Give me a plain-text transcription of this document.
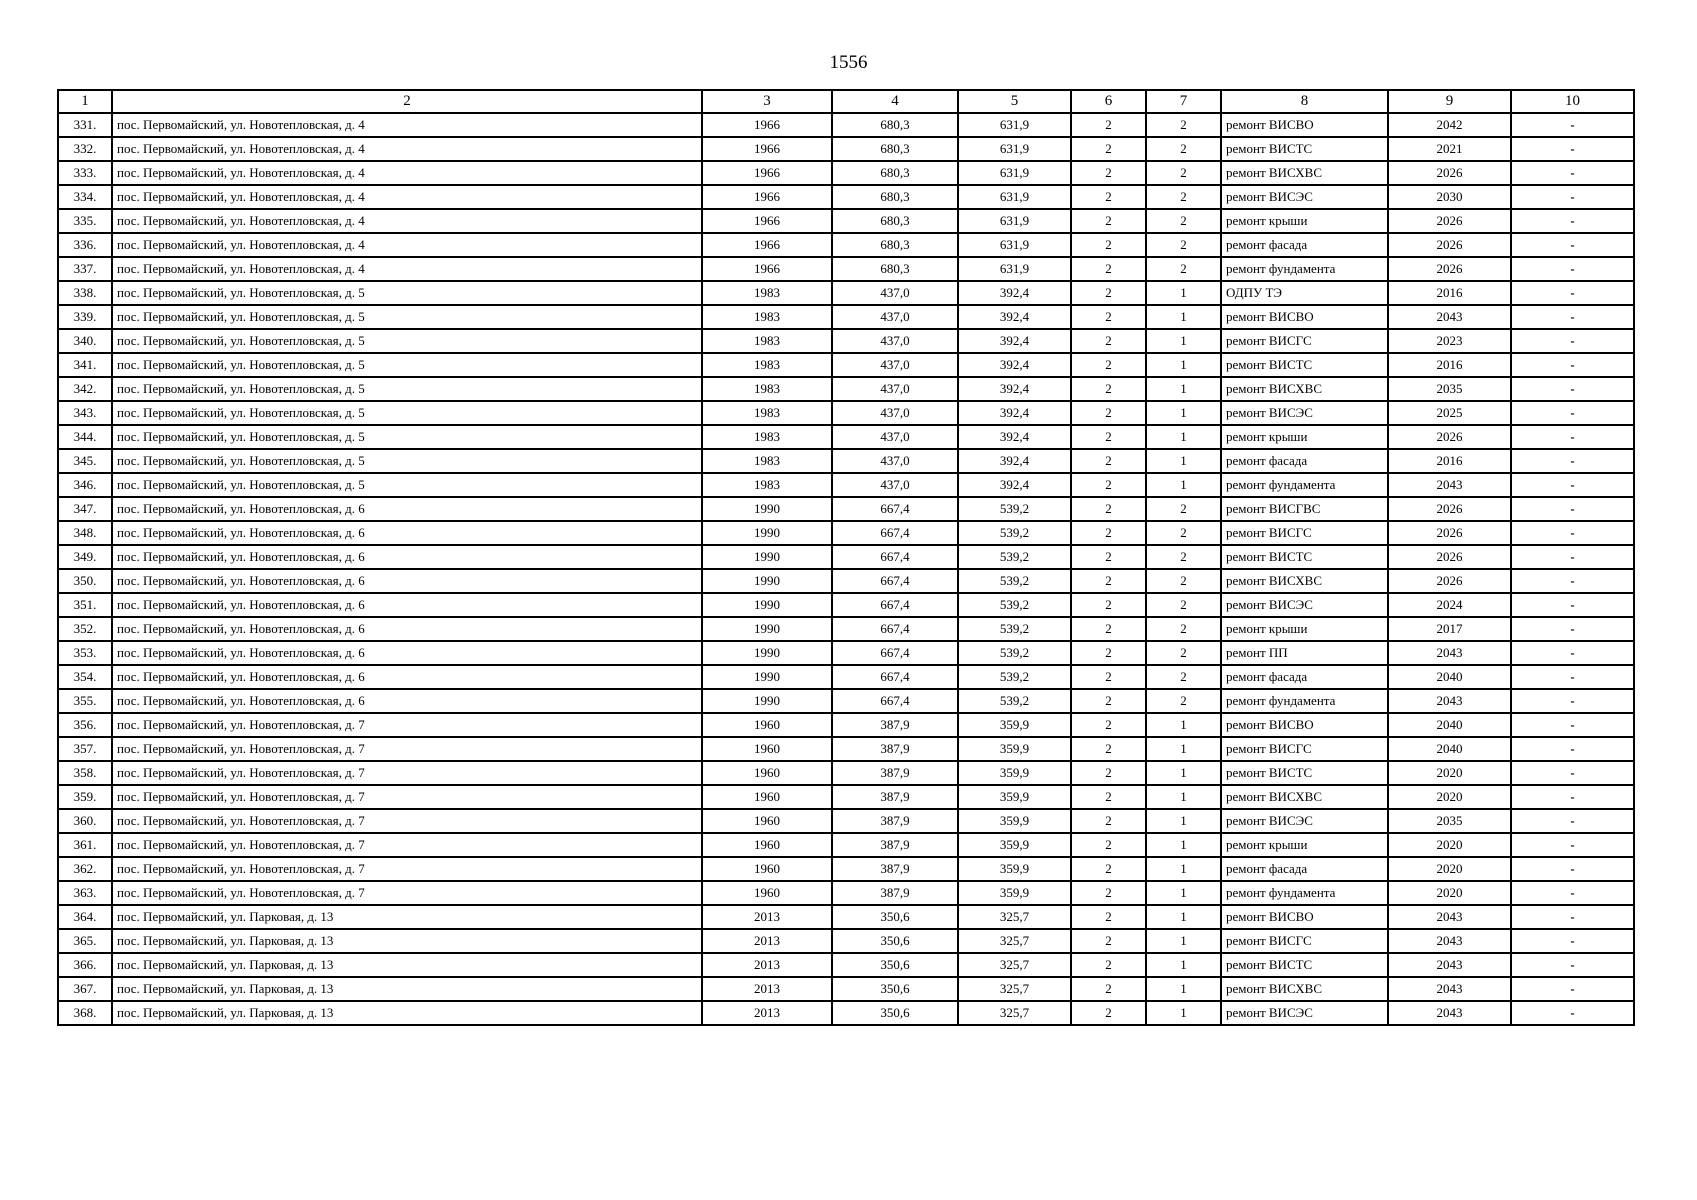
1556
1	2	3	4	5	6	7	8	9	10
331.	пос. Первомайский, ул. Новотепловская, д. 4	1966	680,3	631,9	2	2	ремонт ВИСВО	2042	-
332.	пос. Первомайский, ул. Новотепловская, д. 4	1966	680,3	631,9	2	2	ремонт ВИСТС	2021	-
333.	пос. Первомайский, ул. Новотепловская, д. 4	1966	680,3	631,9	2	2	ремонт ВИСХВС	2026	-
334.	пос. Первомайский, ул. Новотепловская, д. 4	1966	680,3	631,9	2	2	ремонт ВИСЭС	2030	-
335.	пос. Первомайский, ул. Новотепловская, д. 4	1966	680,3	631,9	2	2	ремонт крыши	2026	-
336.	пос. Первомайский, ул. Новотепловская, д. 4	1966	680,3	631,9	2	2	ремонт фасада	2026	-
337.	пос. Первомайский, ул. Новотепловская, д. 4	1966	680,3	631,9	2	2	ремонт фундамента	2026	-
338.	пос. Первомайский, ул. Новотепловская, д. 5	1983	437,0	392,4	2	1	ОДПУ ТЭ	2016	-
339.	пос. Первомайский, ул. Новотепловская, д. 5	1983	437,0	392,4	2	1	ремонт ВИСВО	2043	-
340.	пос. Первомайский, ул. Новотепловская, д. 5	1983	437,0	392,4	2	1	ремонт ВИСГС	2023	-
341.	пос. Первомайский, ул. Новотепловская, д. 5	1983	437,0	392,4	2	1	ремонт ВИСТС	2016	-
342.	пос. Первомайский, ул. Новотепловская, д. 5	1983	437,0	392,4	2	1	ремонт ВИСХВС	2035	-
343.	пос. Первомайский, ул. Новотепловская, д. 5	1983	437,0	392,4	2	1	ремонт ВИСЭС	2025	-
344.	пос. Первомайский, ул. Новотепловская, д. 5	1983	437,0	392,4	2	1	ремонт крыши	2026	-
345.	пос. Первомайский, ул. Новотепловская, д. 5	1983	437,0	392,4	2	1	ремонт фасада	2016	-
346.	пос. Первомайский, ул. Новотепловская, д. 5	1983	437,0	392,4	2	1	ремонт фундамента	2043	-
347.	пос. Первомайский, ул. Новотепловская, д. 6	1990	667,4	539,2	2	2	ремонт ВИСГВС	2026	-
348.	пос. Первомайский, ул. Новотепловская, д. 6	1990	667,4	539,2	2	2	ремонт ВИСГС	2026	-
349.	пос. Первомайский, ул. Новотепловская, д. 6	1990	667,4	539,2	2	2	ремонт ВИСТС	2026	-
350.	пос. Первомайский, ул. Новотепловская, д. 6	1990	667,4	539,2	2	2	ремонт ВИСХВС	2026	-
351.	пос. Первомайский, ул. Новотепловская, д. 6	1990	667,4	539,2	2	2	ремонт ВИСЭС	2024	-
352.	пос. Первомайский, ул. Новотепловская, д. 6	1990	667,4	539,2	2	2	ремонт крыши	2017	-
353.	пос. Первомайский, ул. Новотепловская, д. 6	1990	667,4	539,2	2	2	ремонт ПП	2043	-
354.	пос. Первомайский, ул. Новотепловская, д. 6	1990	667,4	539,2	2	2	ремонт фасада	2040	-
355.	пос. Первомайский, ул. Новотепловская, д. 6	1990	667,4	539,2	2	2	ремонт фундамента	2043	-
356.	пос. Первомайский, ул. Новотепловская, д. 7	1960	387,9	359,9	2	1	ремонт ВИСВО	2040	-
357.	пос. Первомайский, ул. Новотепловская, д. 7	1960	387,9	359,9	2	1	ремонт ВИСГС	2040	-
358.	пос. Первомайский, ул. Новотепловская, д. 7	1960	387,9	359,9	2	1	ремонт ВИСТС	2020	-
359.	пос. Первомайский, ул. Новотепловская, д. 7	1960	387,9	359,9	2	1	ремонт ВИСХВС	2020	-
360.	пос. Первомайский, ул. Новотепловская, д. 7	1960	387,9	359,9	2	1	ремонт ВИСЭС	2035	-
361.	пос. Первомайский, ул. Новотепловская, д. 7	1960	387,9	359,9	2	1	ремонт крыши	2020	-
362.	пос. Первомайский, ул. Новотепловская, д. 7	1960	387,9	359,9	2	1	ремонт фасада	2020	-
363.	пос. Первомайский, ул. Новотепловская, д. 7	1960	387,9	359,9	2	1	ремонт фундамента	2020	-
364.	пос. Первомайский, ул. Парковая, д. 13	2013	350,6	325,7	2	1	ремонт ВИСВО	2043	-
365.	пос. Первомайский, ул. Парковая, д. 13	2013	350,6	325,7	2	1	ремонт ВИСГС	2043	-
366.	пос. Первомайский, ул. Парковая, д. 13	2013	350,6	325,7	2	1	ремонт ВИСТС	2043	-
367.	пос. Первомайский, ул. Парковая, д. 13	2013	350,6	325,7	2	1	ремонт ВИСХВС	2043	-
368.	пос. Первомайский, ул. Парковая, д. 13	2013	350,6	325,7	2	1	ремонт ВИСЭС	2043	-
